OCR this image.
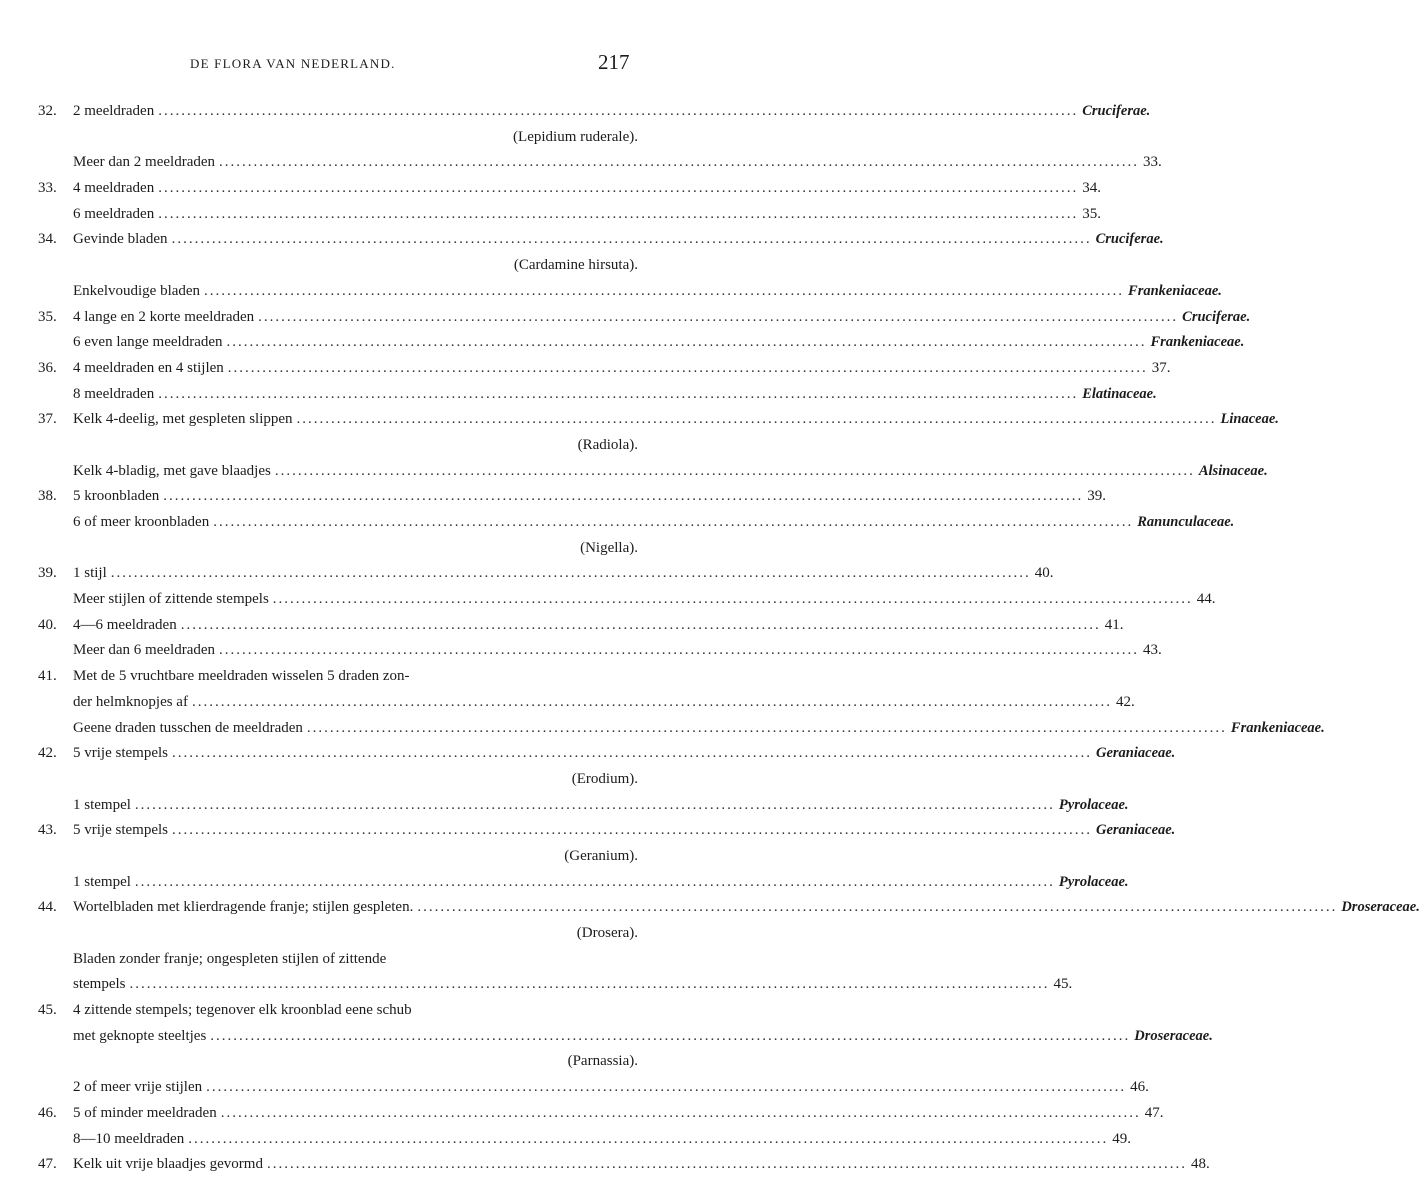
DE FLORA VAN NEDERLAND.	217
32.	2 meeldraden ................................................................................................................................................................ Cruciferae.
(Lepidium ruderale).
Meer dan 2 meeldraden ................................................................................................................................................................ 33.
33.	4 meeldraden ................................................................................................................................................................ 34.
6 meeldraden ................................................................................................................................................................ 35.
34.	Gevinde bladen ................................................................................................................................................................ Cruciferae.
(Cardamine hirsuta).
Enkelvoudige bladen ................................................................................................................................................................ Frankeniaceae.
35.	4 lange en 2 korte meeldraden ................................................................................................................................................................ Cruciferae.
6 even lange meeldraden ................................................................................................................................................................ Frankeniaceae.
36.	4 meeldraden en 4 stijlen ................................................................................................................................................................ 37.
8 meeldraden ................................................................................................................................................................ Elatinaceae.
37.	Kelk 4-deelig, met gespleten slippen ................................................................................................................................................................ Linaceae.
(Radiola).
Kelk 4-bladig, met gave blaadjes ................................................................................................................................................................ Alsinaceae.
38.	5 kroonbladen ................................................................................................................................................................ 39.
6 of meer kroonbladen ................................................................................................................................................................ Ranunculaceae.
(Nigella).
39.	1 stijl ................................................................................................................................................................ 40.
Meer stijlen of zittende stempels ................................................................................................................................................................ 44.
40.	4—6 meeldraden ................................................................................................................................................................ 41.
Meer dan 6 meeldraden ................................................................................................................................................................ 43.
41.	Met de 5 vruchtbare meeldraden wisselen 5 draden zon-
der helmknopjes af ................................................................................................................................................................ 42.
Geene draden tusschen de meeldraden ................................................................................................................................................................ Frankeniaceae.
42.	5 vrije stempels ................................................................................................................................................................ Geraniaceae.
(Erodium).
1 stempel ................................................................................................................................................................ Pyrolaceae.
43.	5 vrije stempels ................................................................................................................................................................ Geraniaceae.
(Geranium).
1 stempel ................................................................................................................................................................ Pyrolaceae.
44.	Wortelbladen met klierdragende franje; stijlen gespleten. ................................................................................................................................................................ Droseraceae.
(Drosera).
Bladen zonder franje; ongespleten stijlen of zittende
stempels ................................................................................................................................................................ 45.
45.	4 zittende stempels; tegenover elk kroonblad eene schub
met geknopte steeltjes ................................................................................................................................................................ Droseraceae.
(Parnassia).
2 of meer vrije stijlen ................................................................................................................................................................ 46.
46.	5 of minder meeldraden ................................................................................................................................................................ 47.
8—10 meeldraden ................................................................................................................................................................ 49.
47.	Kelk uit vrije blaadjes gevormd ................................................................................................................................................................ 48.
